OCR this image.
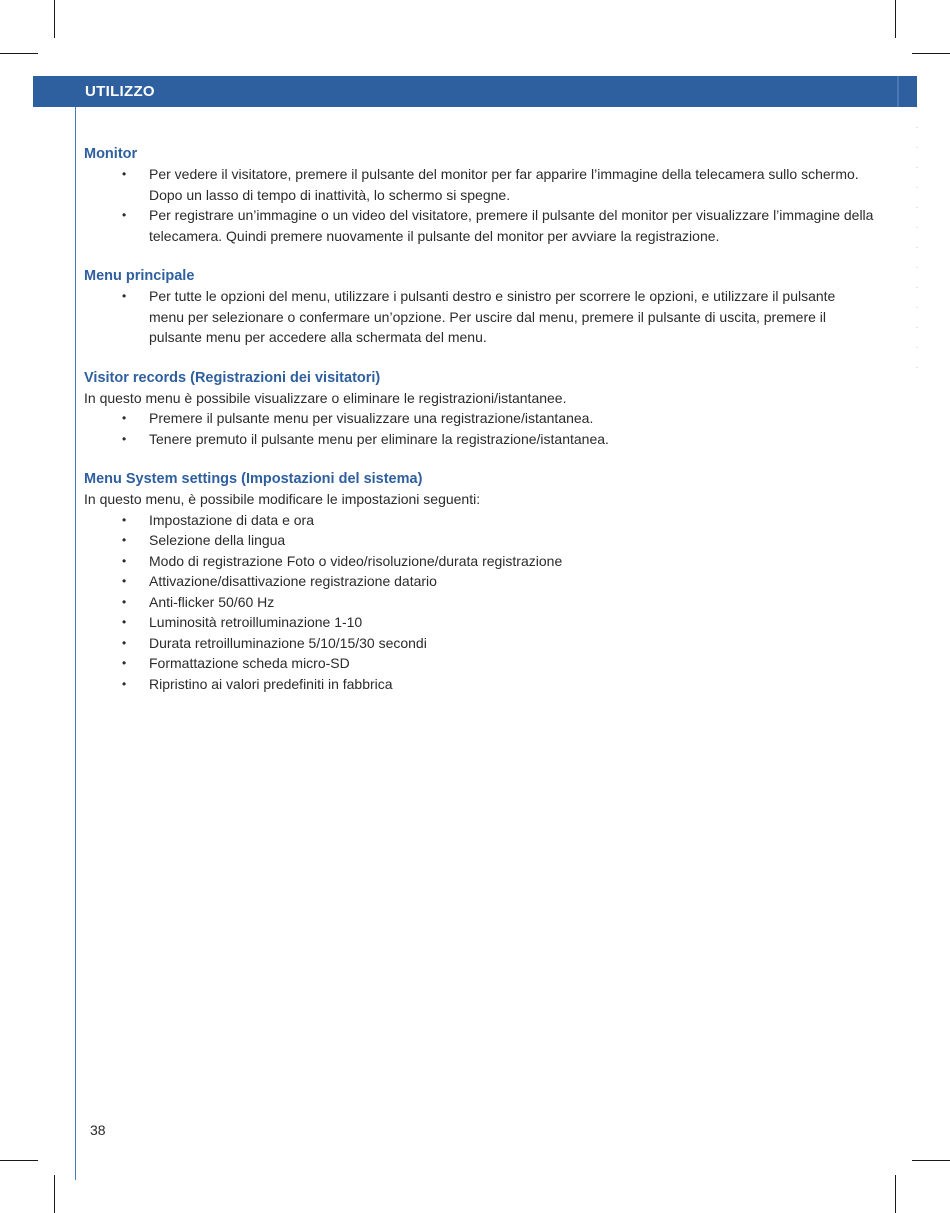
UTILIZZO
Monitor
• Per vedere il visitatore, premere il pulsante del monitor per far apparire l’immagine della telecamera sullo schermo. Dopo un lasso di tempo di inattività, lo schermo si spegne.
• Per registrare un’immagine o un video del visitatore, premere il pulsante del monitor per visualizzare l’immagine della telecamera. Quindi premere nuovamente il pulsante del monitor per avviare la registrazione.
Menu principale
• Per tutte le opzioni del menu, utilizzare i pulsanti destro e sinistro per scorrere le opzioni, e utilizzare il pulsante menu per selezionare o confermare un’opzione. Per uscire dal menu, premere il pulsante di uscita, premere il pulsante menu per accedere alla schermata del menu.
Visitor records (Registrazioni dei visitatori)

In questo menu è possibile visualizzare o eliminare le registrazioni/istantanee.

• Premere il pulsante menu per visualizzare una registrazione/istantanea.
• Tenere premuto il pulsante menu per eliminare la registrazione/istantanea.
Menu System settings (Impostazioni del sistema)

In questo menu, è possibile modificare le impostazioni seguenti:

• Impostazione di data e ora
• Selezione della lingua
• Modo di registrazione Foto o video/risoluzione/durata registrazione
• Attivazione/disattivazione registrazione datario
• Anti-flicker 50/60 Hz
• Luminosità retroilluminazione 1-10
• Durata retroilluminazione 5/10/15/30 secondi
• Formattazione scheda micro-SD
• Ripristino ai valori predefiniti in fabbrica
38
